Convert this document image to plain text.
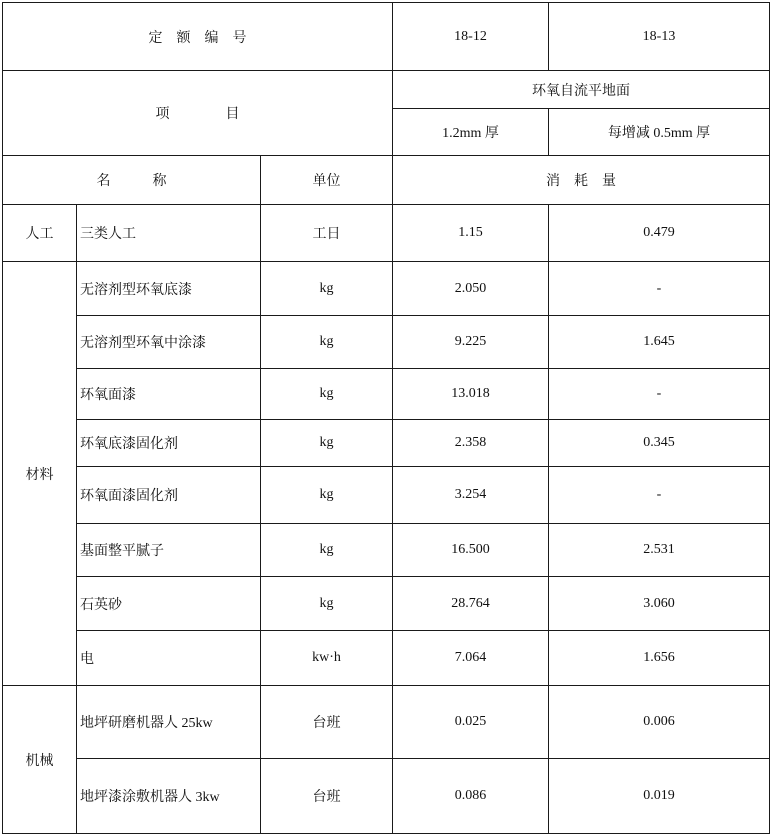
定　额　编　号			18-12	18-13
项　　　　目			环氧自流平地面	
			1.2mm 厚	每增减 0.5mm 厚
名　　　称		单位	消　耗　量	
人工	三类人工	工日	1.15	0.479
材料	无溶剂型环氧底漆	kg	2.050	-
	无溶剂型环氧中涂漆	kg	9.225	1.645
	环氧面漆	kg	13.018	-
	环氧底漆固化剂	kg	2.358	0.345
	环氧面漆固化剂	kg	3.254	-
	基面整平腻子	kg	16.500	2.531
	石英砂	kg	28.764	3.060
	电	kw·h	7.064	1.656
机械	地坪研磨机器人 25kw	台班	0.025	0.006
	地坪漆涂敷机器人 3kw	台班	0.086	0.019
